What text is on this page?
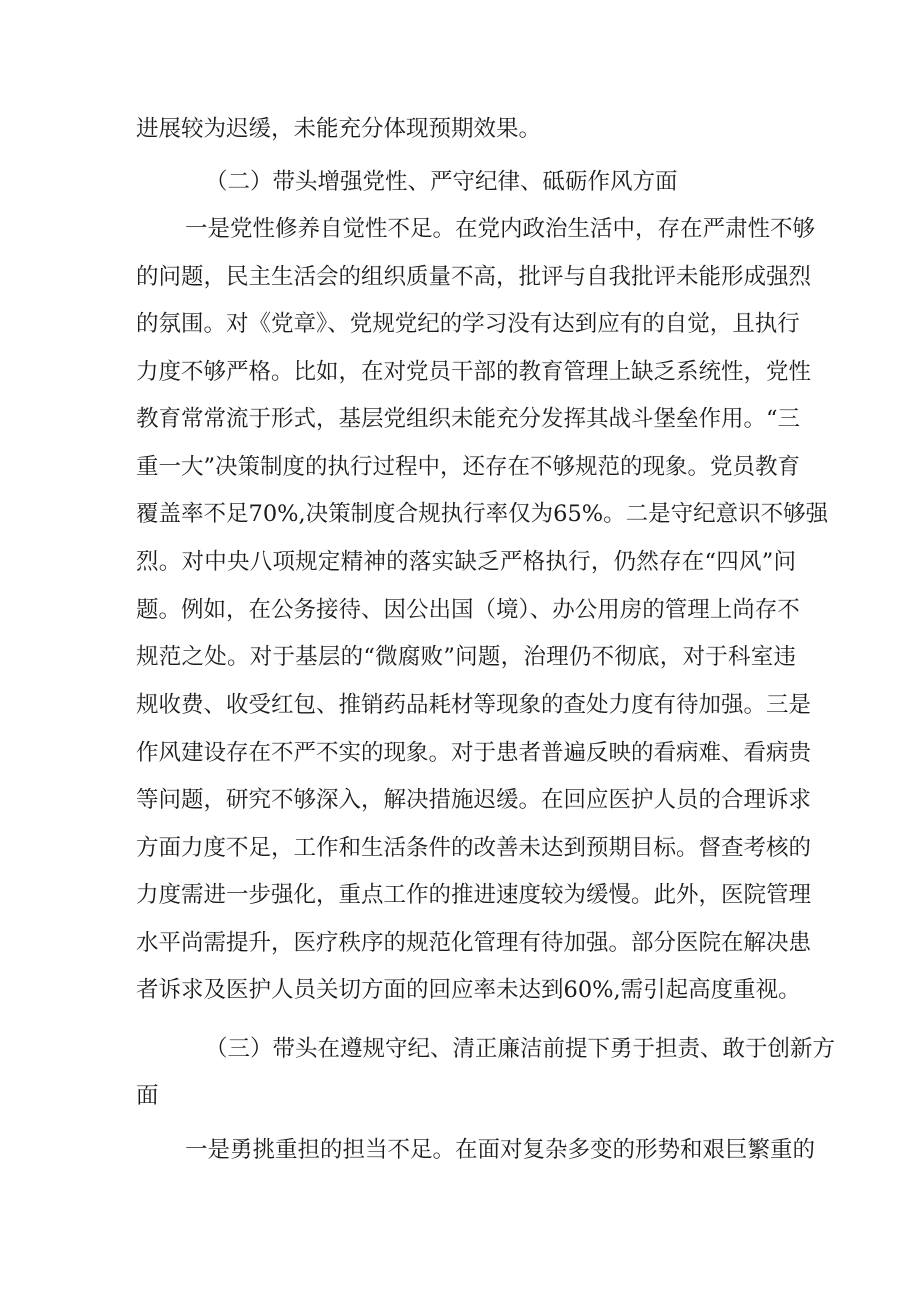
进展较为迟缓，未能充分体现预期效果。
（二）带头增强党性、严守纪律、砥砺作风方面
一是党性修养自觉性不足。在党内政治生活中，存在严肃性不够
的问题，民主生活会的组织质量不高，批评与自我批评未能形成强烈
的氛围。对《党章》、党规党纪的学习没有达到应有的自觉，且执行
力度不够严格。比如，在对党员干部的教育管理上缺乏系统性，党性
教育常常流于形式，基层党组织未能充分发挥其战斗堡垒作用。“三
重一大”决策制度的执行过程中，还存在不够规范的现象。党员教育
覆盖率不足70%,决策制度合规执行率仅为65%。二是守纪意识不够强
烈。对中央八项规定精神的落实缺乏严格执行，仍然存在“四风”问
题。例如，在公务接待、因公出国（境）、办公用房的管理上尚存不
规范之处。对于基层的“微腐败”问题，治理仍不彻底，对于科室违
规收费、收受红包、推销药品耗材等现象的查处力度有待加强。三是
作风建设存在不严不实的现象。对于患者普遍反映的看病难、看病贵
等问题，研究不够深入，解决措施迟缓。在回应医护人员的合理诉求
方面力度不足，工作和生活条件的改善未达到预期目标。督查考核的
力度需进一步强化，重点工作的推进速度较为缓慢。此外，医院管理
水平尚需提升，医疗秩序的规范化管理有待加强。部分医院在解决患
者诉求及医护人员关切方面的回应率未达到60%,需引起高度重视。
（三）带头在遵规守纪、清正廉洁前提下勇于担责、敢于创新方
面
一是勇挑重担的担当不足。在面对复杂多变的形势和艰巨繁重的
